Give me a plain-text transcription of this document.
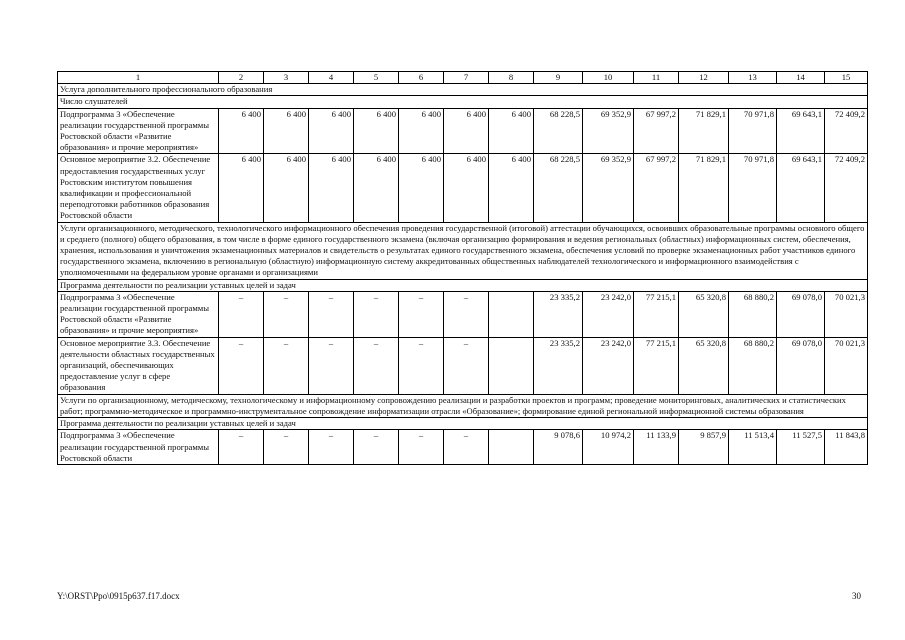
1	2	3	4	5	6	7	8	9	10	11	12	13	14	15
Услуга дополнительного профессионального образования														
Число слушателей														
Подпрограмма 3 «Обеспечение реализации государственной программы Ростовской области «Развитие образования» и прочие мероприятия»	6 400	6 400	6 400	6 400	6 400	6 400	6 400	68 228,5	69 352,9	67 997,2	71 829,1	70 971,8	69 643,1	72 409,2
Основное мероприятие 3.2. Обеспечение предоставления государственных услуг Ростовским институтом повышения квалификации и профессиональной переподготовки работников образования Ростовской области	6 400	6 400	6 400	6 400	6 400	6 400	6 400	68 228,5	69 352,9	67 997,2	71 829,1	70 971,8	69 643,1	72 409,2
Услуги организационного, методического, технологического информационного обеспечения проведения государственной (итоговой) аттестации обучающихся, освоивших образовательные программы основного общего и среднего (полного) общего образования, в том числе в форме единого государственного экзамена (включая организацию формирования и ведения региональных (областных) информационных систем, обеспечения, хранения, использования и уничтожения экзаменационных материалов и свидетельств о результатах единого государственного экзамена, обеспечения условий по проверке экзаменационных работ участников единого государственного экзамена, включению в региональную (областную) информационную систему аккредитованных общественных наблюдателей технологического и информационного взаимодействия с уполномоченными на федеральном уровне органами и организациями														
Программа деятельности по реализации уставных целей и задач														
Подпрограмма 3 «Обеспечение реализации государственной программы Ростовской области «Развитие образования» и прочие мероприятия»	–	–	–	–	–	–		23 335,2	23 242,0	77 215,1	65 320,8	68 880,2	69 078,0	70 021,3
Основное мероприятие 3.3. Обеспечение деятельности областных государственных организаций, обеспечивающих предоставление услуг в сфере образования	–	–	–	–	–	–		23 335,2	23 242,0	77 215,1	65 320,8	68 880,2	69 078,0	70 021,3
Услуги по организационному, методическому, технологическому и информационному сопровождению реализации и разработки проектов и программ; проведение мониторинговых, аналитических и статистических работ; программно-методическое и программно-инструментальное сопровождение информатизации отрасли «Образование»; формирование единой региональной информационной системы образования														
Программа деятельности по реализации уставных целей и задач														
Подпрограмма 3 «Обеспечение реализации государственной программы Ростовской области	–	–	–	–	–	–		9 078,6	10 974,2	11 133,9	9 857,9	11 513,4	11 527,5	11 843,8
Y:\ORST\Ppo\0915p637.f17.docx	30
